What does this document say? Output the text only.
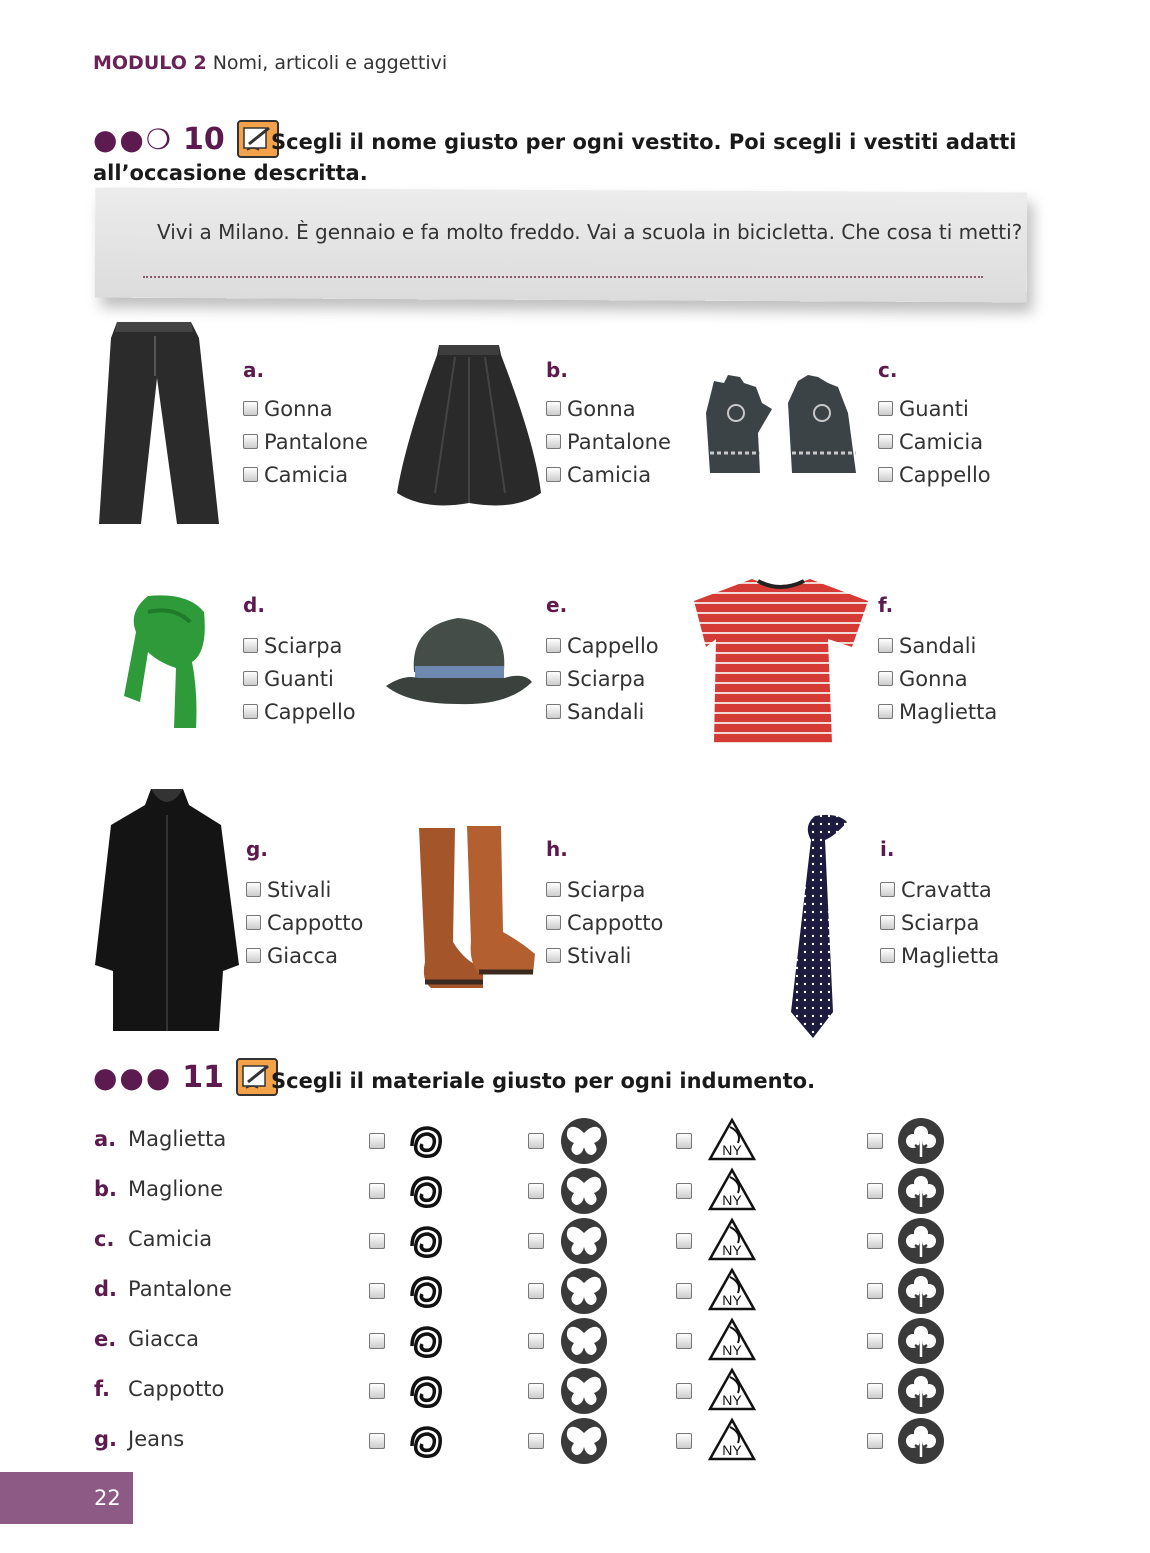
MODULO 2 Nomi, articoli e aggettivi
●●❍ 10 Scegli il nome giusto per ogni vestito. Poi scegli i vestiti adatti
all’occasione descritta.
Vivi a Milano. È gennaio e fa molto freddo. Vai a scuola in bicicletta. Che cosa ti metti?
a.
Gonna
Pantalone
Camicia
b.
Gonna
Pantalone
Camicia
c.
Guanti
Camicia
Cappello
d.
Sciarpa
Guanti
Cappello
e.
Cappello
Sciarpa
Sandali
f.
Sandali
Gonna
Maglietta
g.
Stivali
Cappotto
Giacca
h.
Sciarpa
Cappotto
Stivali
i.
Cravatta
Sciarpa
Maglietta
●●● 11 Scegli il materiale giusto per ogni indumento.
a. Maglietta	NY
b. Maglione	NY
c. Camicia	NY
d. Pantalone	NY
e. Giacca	NY
f. Cappotto	NY
g. Jeans	NY
22
